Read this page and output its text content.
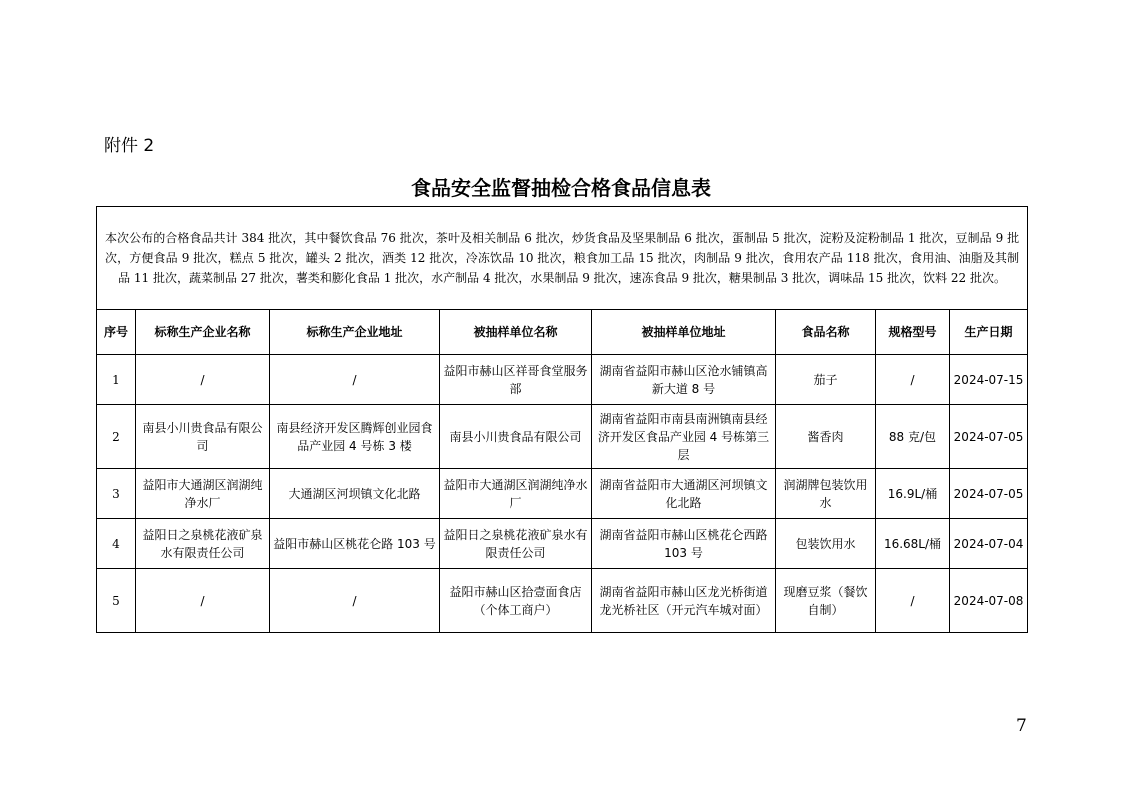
附件 2
食品安全监督抽检合格食品信息表
本次公布的合格食品共计 384 批次，其中餐饮食品 76 批次，茶叶及相关制品 6 批次，炒货食品及坚果制品 6 批次，蛋制品 5 批次，淀粉及淀粉制品 1 批次，豆制品 9 批次，方便食品 9 批次，糕点 5 批次，罐头 2 批次，酒类 12 批次，冷冻饮品 10 批次，粮食加工品 15 批次，肉制品 9 批次，食用农产品 118 批次，食用油、油脂及其制品 11 批次，蔬菜制品 27 批次，薯类和膨化食品 1 批次，水产制品 4 批次，水果制品 9 批次，速冻食品 9 批次，糖果制品 3 批次，调味品 15 批次，饮料 22 批次。							

序号	标称生产企业名称	标称生产企业地址	被抽样单位名称	被抽样单位地址	食品名称	规格型号	生产日期
1	/	/	益阳市赫山区祥哥食堂服务部	湖南省益阳市赫山区沧水铺镇高新大道 8 号	茄子	/	2024-07-15
2	南县小川贵食品有限公司	南县经济开发区腾辉创业园食品产业园 4 号栋 3 楼	南县小川贵食品有限公司	湖南省益阳市南县南洲镇南县经济开发区食品产业园 4 号栋第三层	酱香肉	88 克/包	2024-07-05
3	益阳市大通湖区润湖纯净水厂	大通湖区河坝镇文化北路	益阳市大通湖区润湖纯净水厂	湖南省益阳市大通湖区河坝镇文化北路	润湖牌包装饮用水	16.9L/桶	2024-07-05
4	益阳日之泉桃花液矿泉水有限责任公司	益阳市赫山区桃花仑路 103 号	益阳日之泉桃花液矿泉水有限责任公司	湖南省益阳市赫山区桃花仑西路 103 号	包装饮用水	16.68L/桶	2024-07-04
5	/	/	益阳市赫山区拾壹面食店（个体工商户）	湖南省益阳市赫山区龙光桥街道龙光桥社区（开元汽车城对面）	现磨豆浆（餐饮自制）	/	2024-07-08
7
